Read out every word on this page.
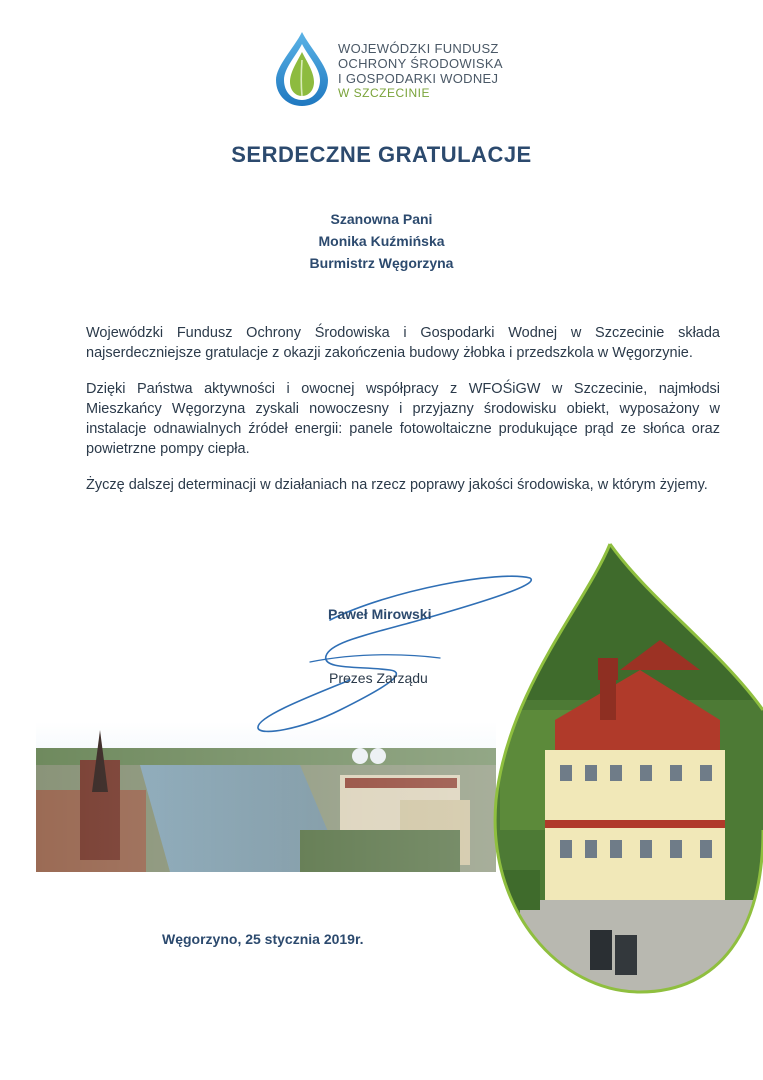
WOJEWÓDZKI FUNDUSZ
OCHRONY ŚRODOWISKA
I GOSPODARKI WODNEJ
W SZCZECINIE
SERDECZNE GRATULACJE
Szanowna Pani
Monika Kuźmińska
Burmistrz Węgorzyna

Wojewódzki Fundusz Ochrony Środowiska i Gospodarki Wodnej w Szczecinie składa najserdeczniejsze gratulacje z okazji zakończenia budowy żłobka i przedszkola w Węgorzynie.

Dzięki Państwa aktywności i owocnej współpracy z WFOŚiGW w Szczecinie, najmłodsi Mieszkańcy Węgorzyna zyskali nowoczesny i przyjazny środowisku obiekt, wyposażony w instalacje odnawialnych źródeł energii: panele fotowoltaiczne produkujące prąd ze słońca oraz powietrzne pompy ciepła.

Życzę dalszej determinacji w działaniach na rzecz poprawy jakości środowiska, w którym żyjemy.

Paweł Mirowski
Prezes Zarządu
Węgorzyno, 25 stycznia 2019r.
